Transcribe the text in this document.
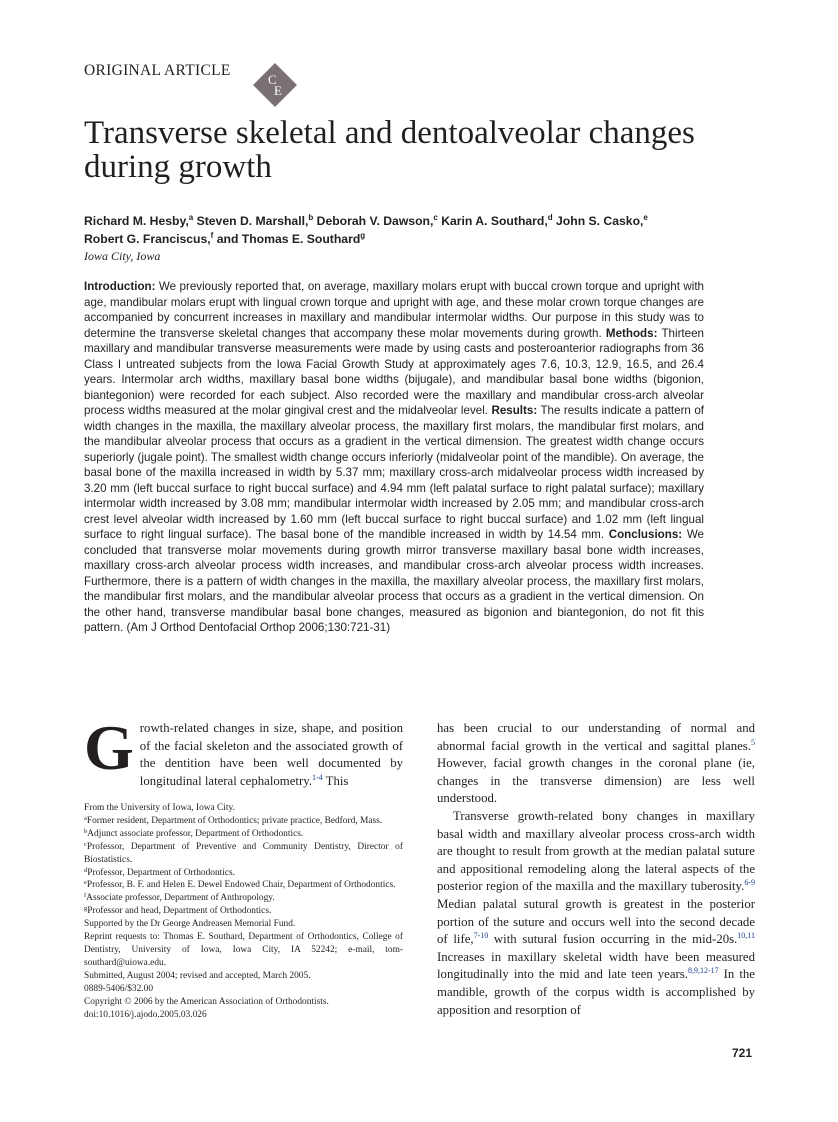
ORIGINAL ARTICLE
C
E
Transverse skeletal and dentoalveolar changes
during growth
Richard M. Hesby,$^a$ Steven D. Marshall,$^b$ Deborah V. Dawson,$^c$ Karin A. Southard,$^d$ John S. Casko,$^e$
Robert G. Franciscus,$^f$ and Thomas E. Southard$^g$
Iowa City, Iowa

Introduction: We previously reported that, on average, maxillary molars erupt with buccal crown torque and upright with age, mandibular molars erupt with lingual crown torque and upright with age, and these molar crown torque changes are accompanied by concurrent increases in maxillary and mandibular intermolar widths. Our purpose in this study was to determine the transverse skeletal changes that accompany these molar movements during growth. Methods: Thirteen maxillary and mandibular transverse measurements were made by using casts and posteroanterior radiographs from 36 Class I untreated subjects from the Iowa Facial Growth Study at approximately ages 7.6, 10.3, 12.9, 16.5, and 26.4 years. Intermolar arch widths, maxillary basal bone widths (bijugale), and mandibular basal bone widths (bigonion, biantegonion) were recorded for each subject. Also recorded were the maxillary and mandibular cross-arch alveolar process widths measured at the molar gingival crest and the midalveolar level. Results: The results indicate a pattern of width changes in the maxilla, the maxillary alveolar process, the maxillary first molars, the mandibular first molars, and the mandibular alveolar process that occurs as a gradient in the vertical dimension. The greatest width change occurs superiorly (jugale point). The smallest width change occurs inferiorly (midalveolar point of the mandible). On average, the basal bone of the maxilla increased in width by 5.37 mm; maxillary cross-arch midalveolar process width increased by 3.20 mm (left buccal surface to right buccal surface) and 4.94 mm (left palatal surface to right palatal surface); maxillary intermolar width increased by 3.08 mm; mandibular intermolar width increased by 2.05 mm; and mandibular cross-arch crest level alveolar width increased by 1.60 mm (left buccal surface to right buccal surface) and 1.02 mm (left lingual surface to right lingual surface). The basal bone of the mandible increased in width by 14.54 mm. Conclusions: We concluded that transverse molar movements during growth mirror transverse maxillary basal bone width increases, maxillary cross-arch alveolar process width increases, and mandibular cross-arch alveolar process width increases. Furthermore, there is a pattern of width changes in the maxilla, the maxillary alveolar process, the maxillary first molars, the mandibular first molars, and the mandibular alveolar process that occurs as a gradient in the vertical dimension. On the other hand, transverse mandibular basal bone changes, measured as bigonion and biantegonion, do not fit this pattern. (Am J Orthod Dentofacial Orthop 2006;130:721-31)

Growth-related changes in size, shape, and position of the facial skeleton and the associated growth of the dentition have been well documented by longitudinal lateral cephalometry.$^{1-4}$ This

From the University of Iowa, Iowa City.
$^a$Former resident, Department of Orthodontics; private practice, Bedford, Mass.
$^b$Adjunct associate professor, Department of Orthodontics.
$^c$Professor, Department of Preventive and Community Dentistry, Director of Biostatistics.
$^d$Professor, Department of Orthodontics.
$^e$Professor, B. F. and Helen E. Dewel Endowed Chair, Department of Orthodontics.
$^f$Associate professor, Department of Anthropology.
$^g$Professor and head, Department of Orthodontics.
Supported by the Dr George Andreasen Memorial Fund.
Reprint requests to: Thomas E. Southard, Department of Orthodontics, College of Dentistry, University of Iowa, Iowa City, IA 52242; e-mail, tom-southard@uiowa.edu.
Submitted, August 2004; revised and accepted, March 2005.
0889-5406/$32.00
Copyright © 2006 by the American Association of Orthodontists.
doi:10.1016/j.ajodo.2005.03.026

has been crucial to our understanding of normal and abnormal facial growth in the vertical and sagittal planes.$^5$ However, facial growth changes in the coronal plane (ie, changes in the transverse dimension) are less well understood.

Transverse growth-related bony changes in maxillary basal width and maxillary alveolar process cross-arch width are thought to result from growth at the median palatal suture and appositional remodeling along the lateral aspects of the posterior region of the maxilla and the maxillary tuberosity.$^{6-9}$ Median palatal sutural growth is greatest in the posterior portion of the suture and occurs well into the second decade of life,$^{7-10}$ with sutural fusion occurring in the mid-20s.$^{10,11}$ Increases in maxillary skeletal width have been measured longitudinally into the mid and late teen years.$^{8,9,12-17}$ In the mandible, growth of the corpus width is accomplished by apposition and resorption of

721
